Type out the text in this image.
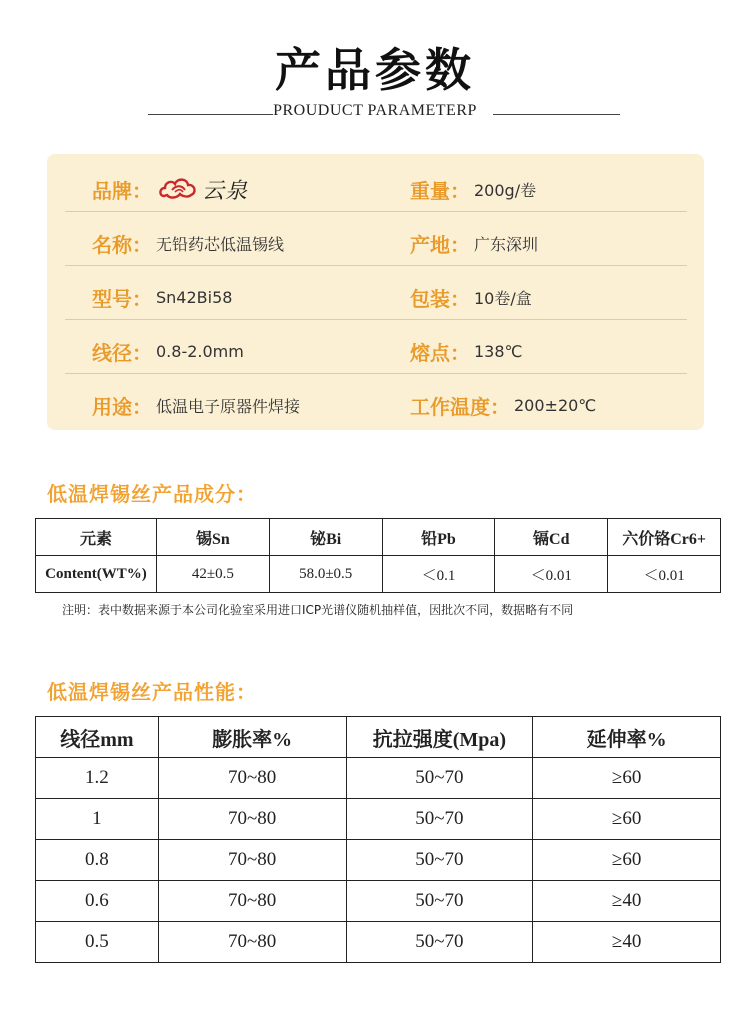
产品参数
PROUDUCT PARAMETERP
品牌 ： 云泉	重量 ： 200g/卷
名称 ： 无铅药芯低温锡线	产地 ： 广东深圳
型号 ： Sn42Bi58	包装 ： 10卷/盒
线径 ： 0.8-2.0mm	熔点 ： 138℃
用途 ： 低温电子原器件焊接	工作温度 ： 200±20℃
低温焊锡丝产品成分：
元素	锡Sn	铋Bi	铅Pb	镉Cd	六价铬Cr6+
Content(WT%)	42±0.5	58.0±0.5	＜0.1	＜0.01	＜0.01
注明：表中数据来源于本公司化验室采用进口ICP光谱仪随机抽样值，因批次不同，数据略有不同
低温焊锡丝产品性能：
线径mm	膨胀率%	抗拉强度(Mpa)	延伸率%
1.2	70~80	50~70	≥60
1	70~80	50~70	≥60
0.8	70~80	50~70	≥60
0.6	70~80	50~70	≥40
0.5	70~80	50~70	≥40
